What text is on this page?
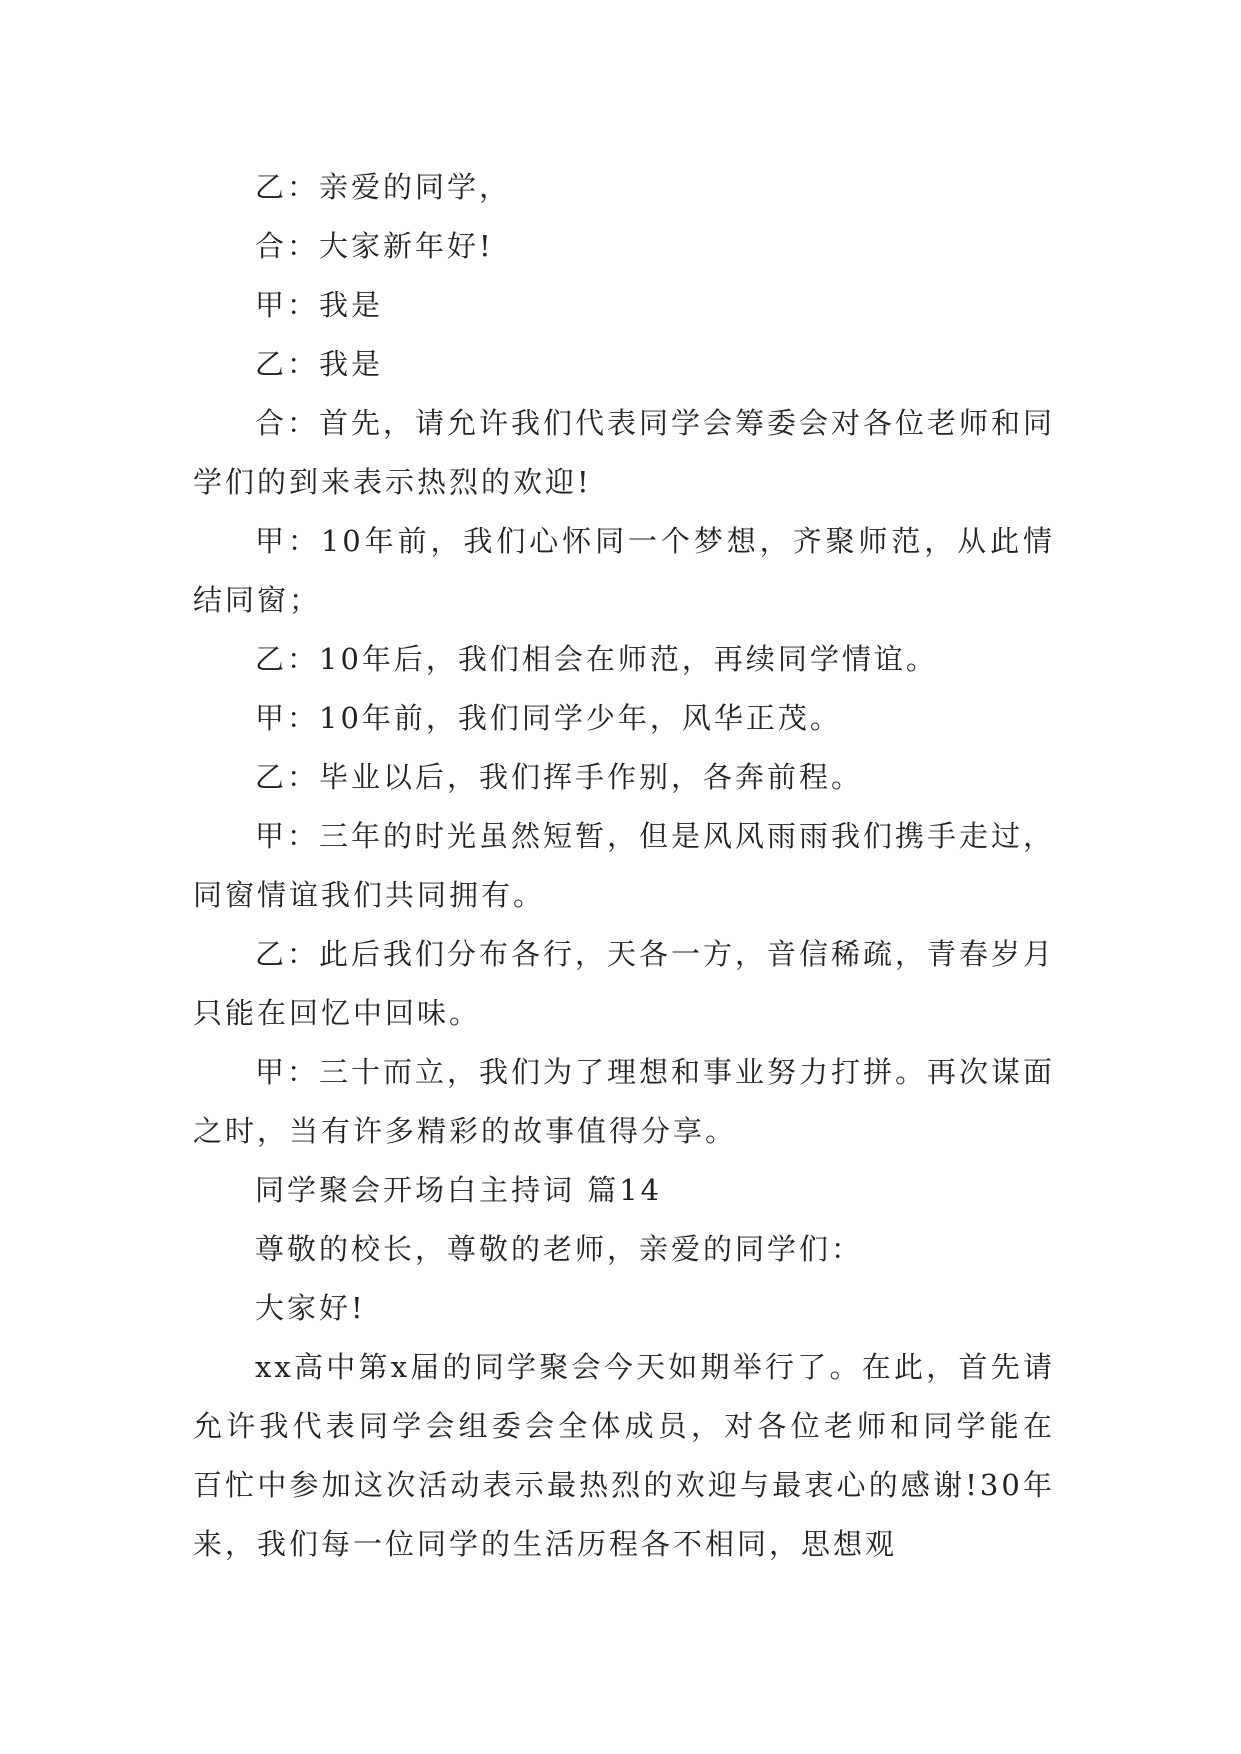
乙：亲爱的同学，

合：大家新年好!

甲：我是

乙：我是

合：首先，请允许我们代表同学会筹委会对各位老师和同学们的到来表示热烈的欢迎!

甲：10年前，我们心怀同一个梦想，齐聚师范，从此情结同窗；

乙：10年后，我们相会在师范，再续同学情谊。

甲：10年前，我们同学少年，风华正茂。

乙：毕业以后，我们挥手作别，各奔前程。

甲：三年的时光虽然短暂，但是风风雨雨我们携手走过，同窗情谊我们共同拥有。

乙：此后我们分布各行，天各一方，音信稀疏，青春岁月只能在回忆中回味。

甲：三十而立，我们为了理想和事业努力打拼。再次谋面之时，当有许多精彩的故事值得分享。

同学聚会开场白主持词 篇14

尊敬的校长，尊敬的老师，亲爱的同学们：

大家好!

xx高中第x届的同学聚会今天如期举行了。在此，首先请允许我代表同学会组委会全体成员，对各位老师和同学能在百忙中参加这次活动表示最热烈的欢迎与最衷心的感谢!30年来，我们每一位同学的生活历程各不相同，思想观
